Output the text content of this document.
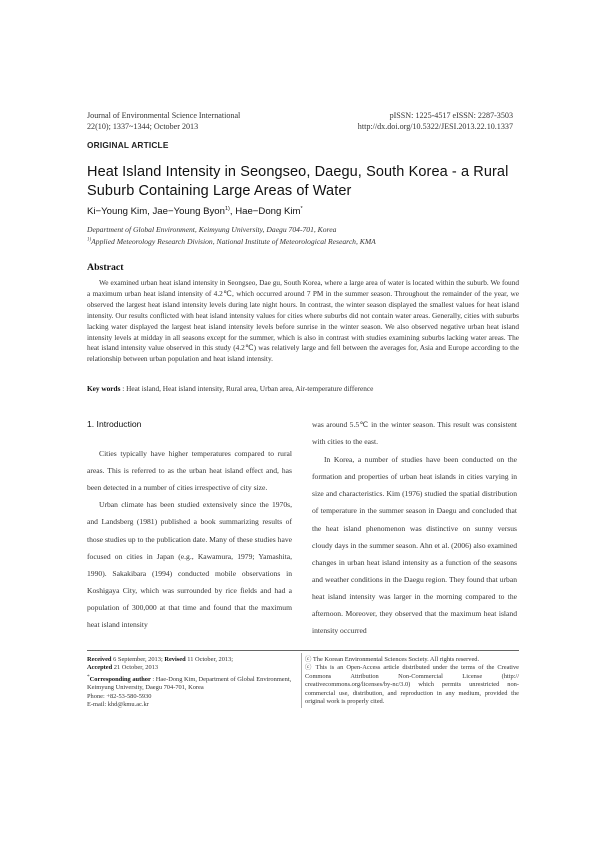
Journal of Environmental Science International
22(10); 1337~1344; October 2013
pISSN: 1225-4517 eISSN: 2287-3503
http://dx.doi.org/10.5322/JESI.2013.22.10.1337
ORIGINAL ARTICLE
Heat Island Intensity in Seongseo, Daegu, South Korea - a Rural Suburb Containing Large Areas of Water
Ki−Young Kim, Jae−Young Byon$^{1)}$, Hae−Dong Kim*
Department of Global Environment, Keimyung University, Daegu 704-701, Korea
$^{1)}$Applied Meteorology Research Division, National Institute of Meteorological Research, KMA
Abstract
We examined urban heat island intensity in Seongseo, Dae gu, South Korea, where a large area of water is located within the suburb. We found a maximum urban heat island intensity of 4.2℃, which occurred around 7 PM in the summer season. Throughout the remainder of the year, we observed the largest heat island intensity levels during late night hours. In contrast, the winter season displayed the smallest values for heat island intensity. Our results conflicted with heat island intensity values for cities where suburbs did not contain water areas. Generally, cities with suburbs lacking water displayed the largest heat island intensity levels before sunrise in the winter season. We also observed negative urban heat island intensity levels at midday in all seasons except for the summer, which is also in contrast with studies examining suburbs lacking water areas. The heat island intensity value observed in this study (4.2℃) was relatively large and fell between the averages for, Asia and Europe according to the relationship between urban population and heat island intensity.
Key words : Heat island, Heat island intensity, Rural area, Urban area, Air-temperature difference
1. Introduction

Cities typically have higher temperatures compared to rural areas. This is referred to as the urban heat island effect and, has been detected in a number of cities irrespective of city size.

Urban climate has been studied extensively since the 1970s, and Landsberg (1981) published a book summarizing results of those studies up to the publication date. Many of these studies have focused on cities in Japan (e.g., Kawamura, 1979; Yamashita, 1990). Sakakibara (1994) conducted mobile observations in Koshigaya City, which was surrounded by rice fields and had a population of 300,000 at that time and found that the maximum heat island intensity

was around 5.5℃ in the winter season. This result was consistent with cities to the east.

In Korea, a number of studies have been conducted on the formation and properties of urban heat islands in cities varying in size and characteristics. Kim (1976) studied the spatial distribution of temperature in the summer season in Daegu and concluded that the heat island phenomenon was distinctive on sunny versus cloudy days in the summer season. Ahn et al. (2006) also examined changes in urban heat island intensity as a function of the seasons and weather conditions in the Daegu region. They found that urban heat island intensity was larger in the morning compared to the afternoon. Moreover, they observed that the maximum heat island intensity occurred

Received 6 September, 2013; Revised 11 October, 2013;
Accepted 21 October, 2013
*Corresponding author : Hae-Dong Kim, Department of Global Environment, Keimyung University, Daegu 704-701, Korea
Phone: +82-53-580-5930
E-mail: khd@kmu.ac.kr
ⓒ The Korean Environmental Sciences Society. All rights reserved.
ⓒ This is an Open-Access article distributed under the terms of the Creative Commons Attribution Non-Commercial License (http:// creativecommons.org/licenses/by-nc/3.0) which permits unrestricted non-commercial use, distribution, and reproduction in any medium, provided the original work is properly cited.
